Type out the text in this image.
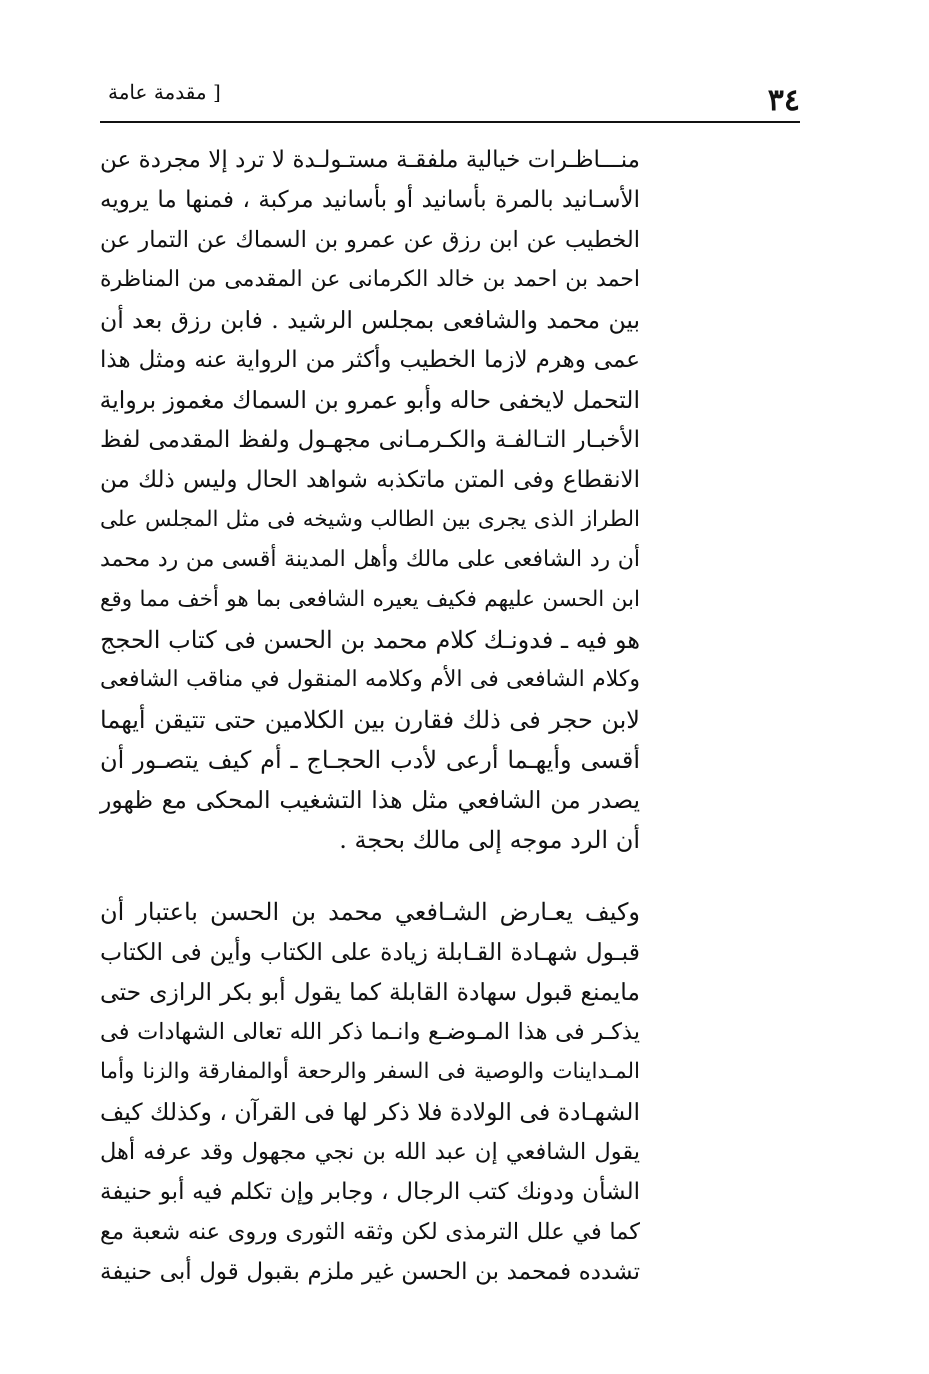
٣٤
[ مقدمة عامة
منـــاظـرات خيالية ملفقـة مستـولـدة لا ترد إلا مجردة عن
الأسـانيد بالمرة بأسانيد أو بأسانيد مركبة ، فمنها ما يرويه
الخطيب عن ابن رزق عن عمرو بن السماك عن التمار عن
احمد بن احمد بن خالد الكرمانى عن المقدمى من المناظرة
بين محمد والشافعى بمجلس الرشيد . فابن رزق بعد أن
عمى وهرم لازما الخطيب وأكثر من الرواية عنه ومثل هذا
التحمل لايخفى حاله وأبو عمرو بن السماك مغموز برواية
الأخبـار التـالفـة والكـرمـانى مجهـول ولفظ المقدمى لفظ
الانقطاع وفى المتن ماتكذبه شواهد الحال وليس ذلك من
الطراز الذى يجرى بين الطالب وشيخه فى مثل المجلس على
أن رد الشافعى على مالك وأهل المدينة أقسى من رد محمد
ابن الحسن عليهم فكيف يعيره الشافعى بما هو أخف مما وقع
هو فيه ـ فدونـك كلام محمد بن الحسن فى كتاب الحجج
وكلام الشافعى فى الأم وكلامه المنقول في مناقب الشافعى
لابن حجر فى ذلك فقارن بين الكلامين حتى تتيقن أيهما
أقسى وأيهـما أرعى لأدب الحجـاج ـ أم كيف يتصـور أن
يصدر من الشافعي مثل هذا التشغيب المحكى مع ظهور
أن الرد موجه إلى مالك بحجة .
وكيف يعـارض الشـافعي محمد بن الحسن باعتبار أن
قبـول شهـادة القـابلة زيادة على الكتاب وأين فى الكتاب
مايمنع قبول سهادة القابلة كما يقول أبو بكر الرازى حتى
يذكـر فى هذا المـوضـع وانـما ذكر الله تعالى الشهادات فى
المـداينات والوصية فى السفر والرحعة أوالمفارقة والزنا وأما
الشهـادة فى الولادة فلا ذكر لها فى القرآن ، وكذلك كيف
يقول الشافعي إن عبد الله بن نجي مجهول وقد عرفه أهل
الشأن ودونك كتب الرجال ، وجابر وإن تكلم فيه أبو حنيفة
كما في علل الترمذى لكن وثقه الثورى وروى عنه شعبة مع
تشدده فمحمد بن الحسن غير ملزم بقبول قول أبى حنيفة
